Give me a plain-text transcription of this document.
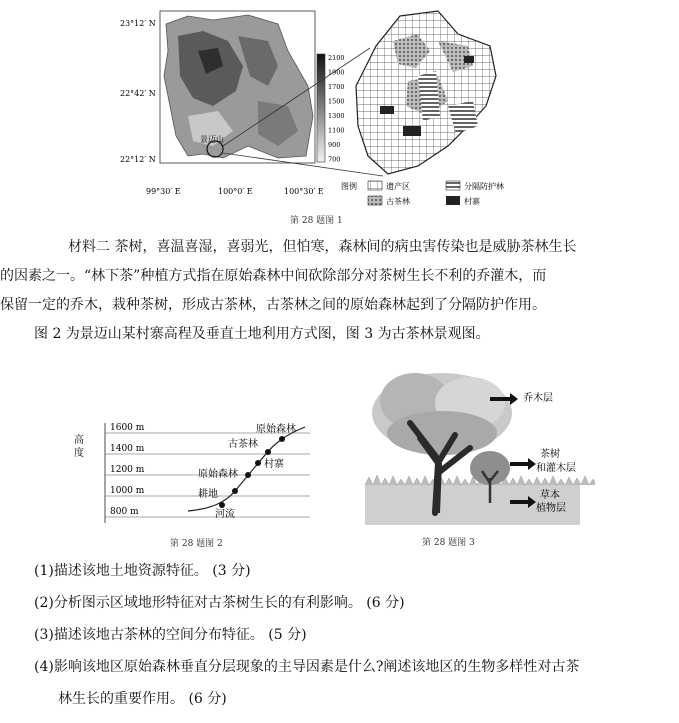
景迈山
23°12′ N
22°42′ N
22°12′ N
99°30′ E	100°0′ E	100°30′ E
2100
1900
1700
1500
1300
1100
900
700
图例	遗产区	分隔防护林
古茶林	村寨
第 28 题图 1

材料二 茶树，喜温喜湿，喜弱光，但怕寒，森林间的病虫害传染也是威胁茶林生长

的因素之一。“林下茶”种植方式指在原始森林中间砍除部分对茶树生长不利的乔灌木，而

保留一定的乔木，栽种茶树，形成古茶林，古茶林之间的原始森林起到了分隔防护作用。

图 2 为景迈山某村寨高程及垂直土地利用方式图，图 3 为古茶林景观图。

高 度
1600 m
1400 m
1200 m
1000 m
800 m
原始森林
古茶林
村寨
原始森林
耕地
河流
第 28 题图 2
乔木层
茶树 和灌木层
草本 植物层
第 28 题图 3
(1)描述该地土地资源特征。 (3 分)
(2)分析图示区域地形特征对古茶树生长的有利影响。 (6 分)
(3)描述该地古茶林的空间分布特征。 (5 分)
(4)影响该地区原始森林垂直分层现象的主导因素是什么?阐述该地区的生物多样性对古茶
林生长的重要作用。 (6 分)
